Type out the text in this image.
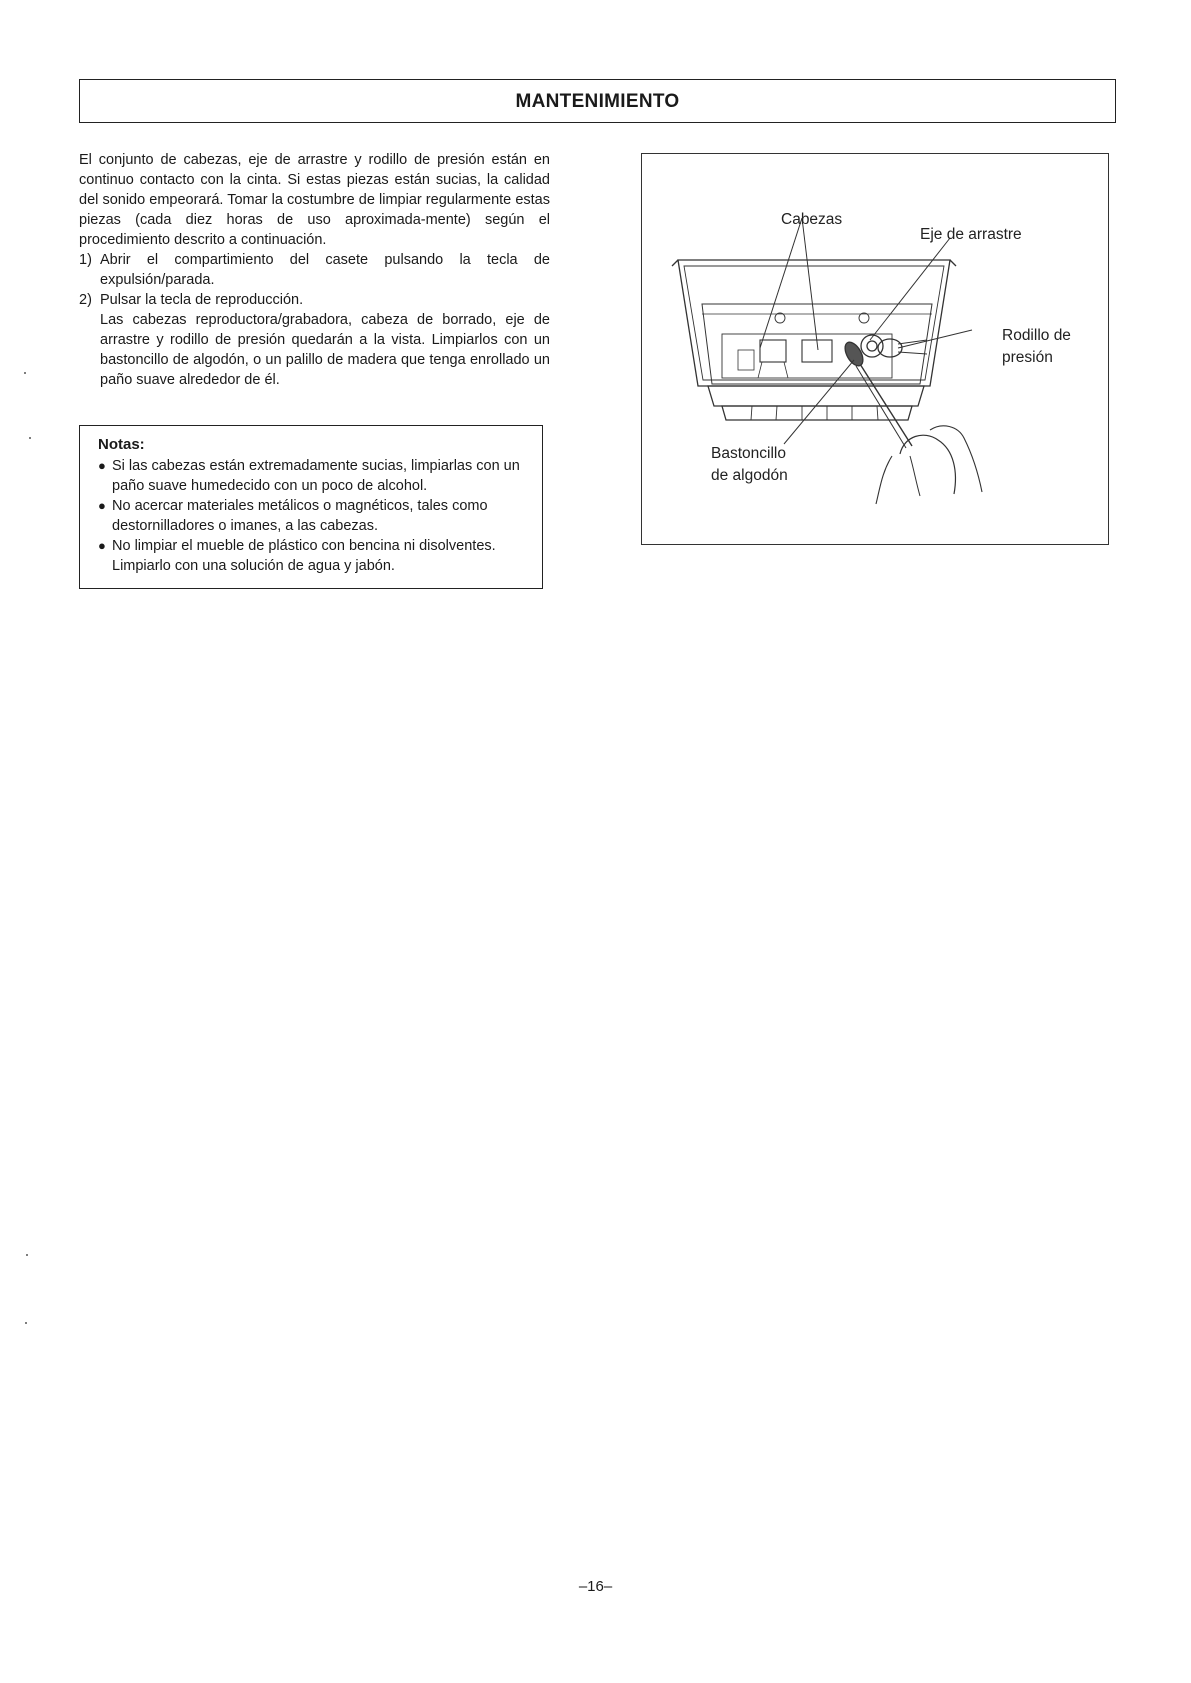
MANTENIMIENTO

El conjunto de cabezas, eje de arrastre y rodillo de presión están en continuo contacto con la cinta. Si estas piezas están sucias, la calidad del sonido empeorará. Tomar la costumbre de limpiar regularmente estas piezas (cada diez horas de uso aproximada-mente) según el procedimiento descrito a continuación.

1) Abrir el compartimiento del casete pulsando la tecla de expulsión/parada.
2) Pulsar la tecla de reproducción.
Las cabezas reproductora/grabadora, cabeza de borrado, eje de arrastre y rodillo de presión quedarán a la vista. Limpiarlos con un bastoncillo de algodón, o un palillo de madera que tenga enrollado un paño suave alrededor de él.
Notas:
● Si las cabezas están extremadamente sucias, limpiarlas con un paño suave humedecido con un poco de alcohol.
● No acercar materiales metálicos o magnéticos, tales como destornilladores o imanes, a las cabezas.
● No limpiar el mueble de plástico con bencina ni disolventes. Limpiarlo con una solución de agua y jabón.
Cabezas
Eje de arrastre
Rodillo de
presión
Bastoncillo
de algodón
–16–
